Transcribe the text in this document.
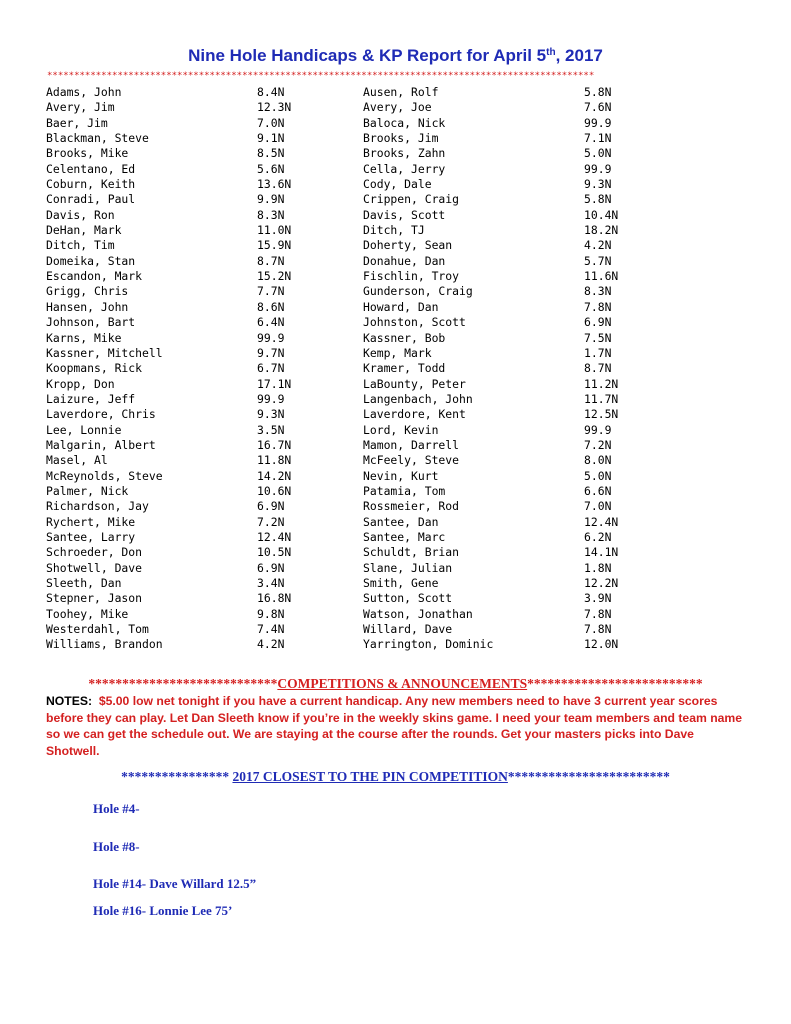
Nine Hole Handicaps & KP Report for April 5th, 2017
*****************************************************************************************************
Adams, John	8.4N
Avery, Jim	12.3N
Baer, Jim	7.0N
Blackman, Steve	9.1N
Brooks, Mike	8.5N
Celentano, Ed	5.6N
Coburn, Keith	13.6N
Conradi, Paul	9.9N
Davis, Ron	8.3N
DeHan, Mark	11.0N
Ditch, Tim	15.9N
Domeika, Stan	8.7N
Escandon, Mark	15.2N
Grigg, Chris	7.7N
Hansen, John	8.6N
Johnson, Bart	6.4N
Karns, Mike	99.9
Kassner, Mitchell	9.7N
Koopmans, Rick	6.7N
Kropp, Don	17.1N
Laizure, Jeff	99.9
Laverdore, Chris	9.3N
Lee, Lonnie	3.5N
Malgarin, Albert	16.7N
Masel, Al	11.8N
McReynolds, Steve	14.2N
Palmer, Nick	10.6N
Richardson, Jay	6.9N
Rychert, Mike	7.2N
Santee, Larry	12.4N
Schroeder, Don	10.5N
Shotwell, Dave	6.9N
Sleeth, Dan	3.4N
Stepner, Jason	16.8N
Toohey, Mike	9.8N
Westerdahl, Tom	7.4N
Williams, Brandon	4.2N
Ausen, Rolf	5.8N
Avery, Joe	7.6N
Baloca, Nick	99.9
Brooks, Jim	7.1N
Brooks, Zahn	5.0N
Cella, Jerry	99.9
Cody, Dale	9.3N
Crippen, Craig	5.8N
Davis, Scott	10.4N
Ditch, TJ	18.2N
Doherty, Sean	4.2N
Donahue, Dan	5.7N
Fischlin, Troy	11.6N
Gunderson, Craig	8.3N
Howard, Dan	7.8N
Johnston, Scott	6.9N
Kassner, Bob	7.5N
Kemp, Mark	1.7N
Kramer, Todd	8.7N
LaBounty, Peter	11.2N
Langenbach, John	11.7N
Laverdore, Kent	12.5N
Lord, Kevin	99.9
Mamon, Darrell	7.2N
McFeely, Steve	8.0N
Nevin, Kurt	5.0N
Patamia, Tom	6.6N
Rossmeier, Rod	7.0N
Santee, Dan	12.4N
Santee, Marc	6.2N
Schuldt, Brian	14.1N
Slane, Julian	1.8N
Smith, Gene	12.2N
Sutton, Scott	3.9N
Watson, Jonathan	7.8N
Willard, Dave	7.8N
Yarrington, Dominic	12.0N
****************************COMPETITIONS & ANNOUNCEMENTS**************************
NOTES: $5.00 low net tonight if you have a current handicap. Any new members need to have 3 current year scores before they can play. Let Dan Sleeth know if you’re in the weekly skins game. I need your team members and team name so we can get the schedule out. We are staying at the course after the rounds. Get your masters picks into Dave Shotwell.
**************** 2017 CLOSEST TO THE PIN COMPETITION************************
Hole #4-
Hole #8-
Hole #14- Dave Willard 12.5”
Hole #16- Lonnie Lee 75’
